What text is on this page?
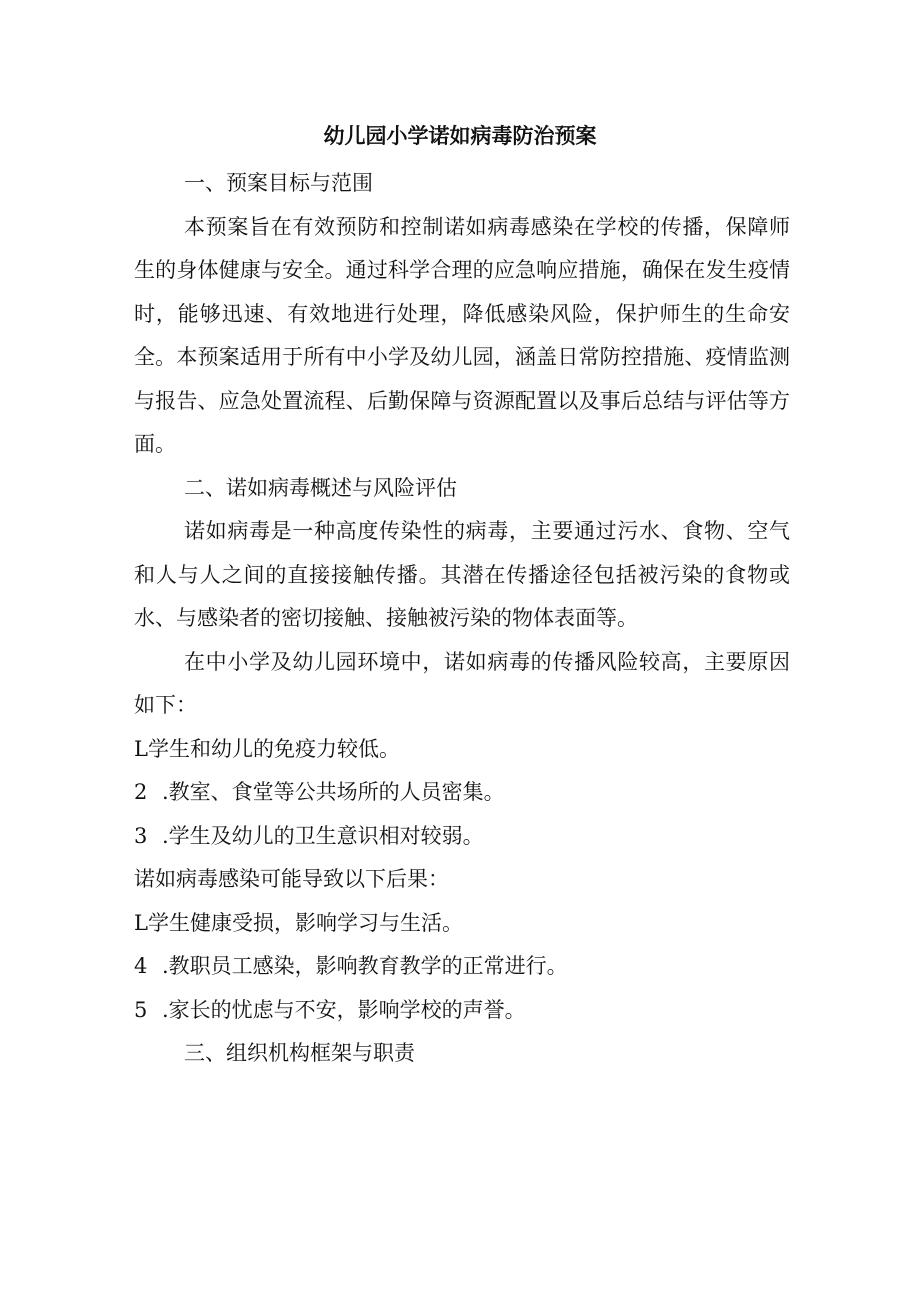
幼儿园小学诺如病毒防治预案

一、预案目标与范围

本预案旨在有效预防和控制诺如病毒感染在学校的传播，保障师生的身体健康与安全。通过科学合理的应急响应措施，确保在发生疫情时，能够迅速、有效地进行处理，降低感染风险，保护师生的生命安全。本预案适用于所有中小学及幼儿园，涵盖日常防控措施、疫情监测与报告、应急处置流程、后勤保障与资源配置以及事后总结与评估等方面。

二、诺如病毒概述与风险评估

诺如病毒是一种高度传染性的病毒，主要通过污水、食物、空气和人与人之间的直接接触传播。其潜在传播途径包括被污染的食物或水、与感染者的密切接触、接触被污染的物体表面等。

在中小学及幼儿园环境中，诺如病毒的传播风险较高，主要原因如下：

L学生和幼儿的免疫力较低。

2 .教室、食堂等公共场所的人员密集。

3 .学生及幼儿的卫生意识相对较弱。

诺如病毒感染可能导致以下后果：

L学生健康受损，影响学习与生活。

4 .教职员工感染，影响教育教学的正常进行。

5 .家长的忧虑与不安，影响学校的声誉。

三、组织机构框架与职责
